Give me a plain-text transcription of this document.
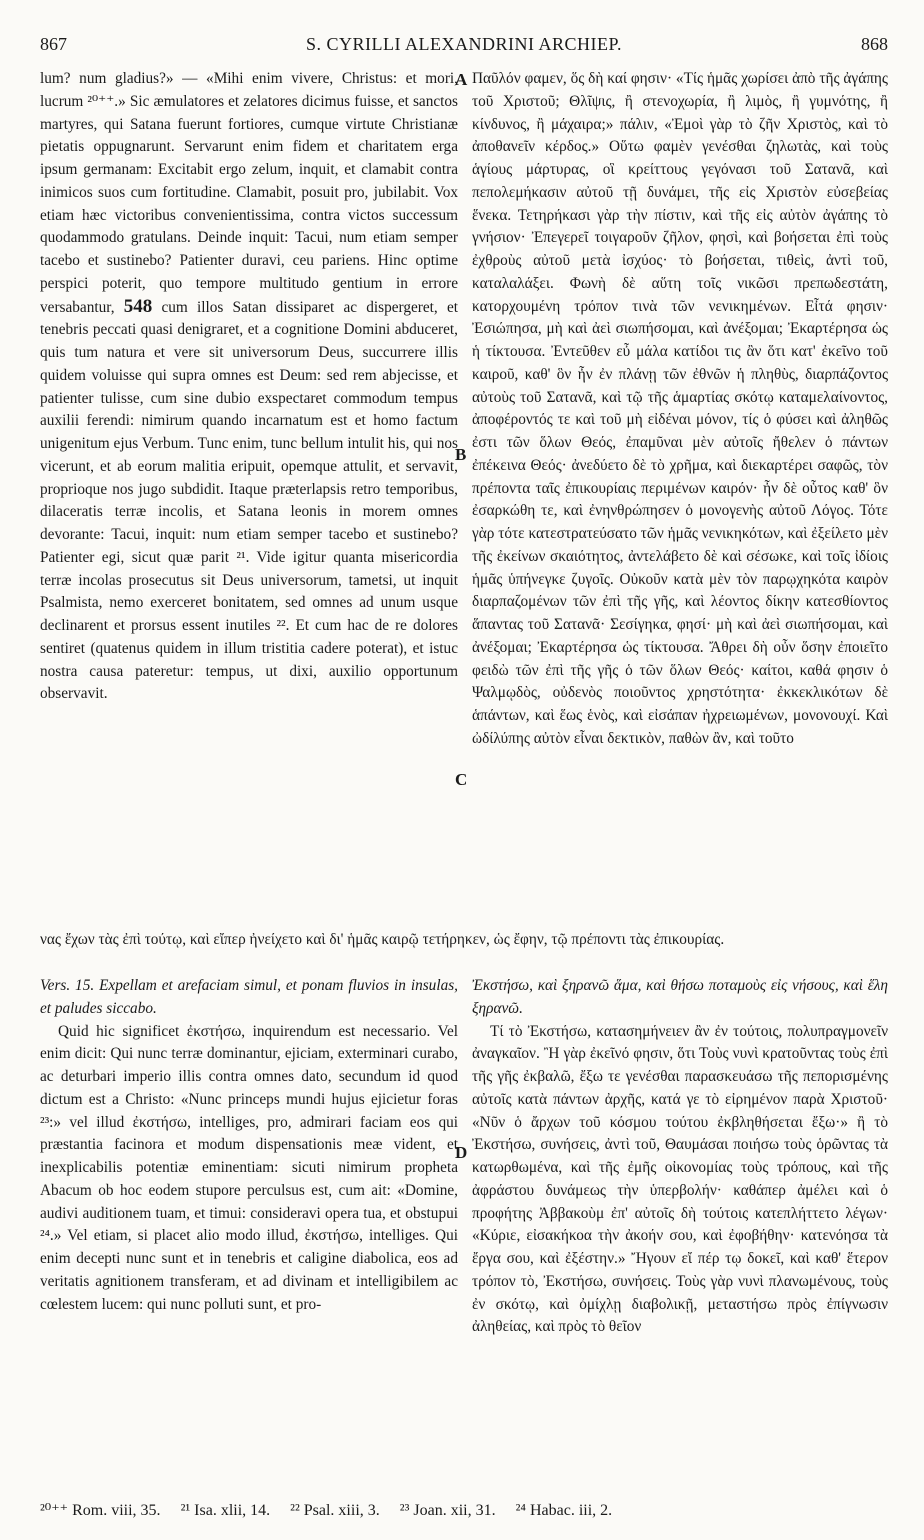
867	S. CYRILLI ALEXANDRINI ARCHIEP.	868

lum? num gladius?» — «Mihi enim vivere, Christus: et mori, lucrum ²⁰⁺⁺.» Sic æmulatores et zelatores dicimus fuisse, et sanctos martyres, qui Satana fuerunt fortiores, cumque virtute Christianæ pietatis oppugnarunt. Servarunt enim fidem et charitatem erga ipsum germanam: Excitabit ergo zelum, inquit, et clamabit contra inimicos suos cum fortitudine. Clamabit, posuit pro, jubilabit. Vox etiam hæc victoribus convenientissima, contra victos successum quodammodo gratulans. Deinde inquit: Tacui, num etiam semper tacebo et sustinebo? Patienter duravi, ceu pariens. Hinc optime perspici poterit, quo tempore multitudo gentium in errore versabantur, 548 cum illos Satan dissiparet ac dispergeret, et tenebris peccati quasi denigraret, et a cognitione Domini abduceret, quis tum natura et vere sit universorum Deus, succurrere illis quidem voluisse qui supra omnes est Deum: sed rem abjecisse, et patienter tulisse, cum sine dubio exspectaret commodum tempus auxilii ferendi: nimirum quando incarnatum est et homo factum unigenitum ejus Verbum. Tunc enim, tunc bellum intulit his, qui nos vicerunt, et ab eorum malitia eripuit, opemque attulit, et servavit, proprioque nos jugo subdidit. Itaque præterlapsis retro temporibus, dilaceratis terræ incolis, et Satana leonis in morem omnes devorante: Tacui, inquit: num etiam semper tacebo et sustinebo? Patienter egi, sicut quæ parit ²¹. Vide igitur quanta misericordia terræ incolas prosecutus sit Deus universorum, tametsi, ut inquit Psalmista, nemo exerceret bonitatem, sed omnes ad unum usque declinarent et prorsus essent inutiles ²². Et cum hac de re dolores sentiret (quatenus quidem in illum tristitia cadere poterat), et istuc nostra causa pateretur: tempus, ut dixi, auxilio opportunum observavit.

Παῦλόν φαμεν, ὅς δὴ καί φησιν· «Τίς ἡμᾶς χωρίσει ἀπὸ τῆς ἀγάπης τοῦ Χριστοῦ; Θλῖψις, ἢ στενοχωρία, ἢ λιμὸς, ἢ γυμνότης, ἢ κίνδυνος, ἢ μάχαιρα;» πάλιν, «Ἐμοὶ γὰρ τὸ ζῆν Χριστὸς, καὶ τὸ ἀποθανεῖν κέρδος.» Οὕτω φαμὲν γενέσθαι ζηλωτὰς, καὶ τοὺς ἁγίους μάρτυρας, οἳ κρείττους γεγόνασι τοῦ Σατανᾶ, καὶ πεπολεμήκασιν αὐτοῦ τῇ δυνάμει, τῆς εἰς Χριστὸν εὐσεβείας ἕνεκα. Τετηρήκασι γὰρ τὴν πίστιν, καὶ τῆς εἰς αὐτὸν ἀγάπης τὸ γνήσιον· Ἐπεγερεῖ τοιγαροῦν ζῆλον, φησὶ, καὶ βοήσεται ἐπὶ τοὺς ἐχθροὺς αὐτοῦ μετὰ ἰσχύος· τὸ βοήσεται, τιθεὶς, ἀντὶ τοῦ, καταλαλάξει. Φωνὴ δὲ αὕτη τοῖς νικῶσι πρεπωδεστάτη, κατορχουμένη τρόπον τινὰ τῶν νενικημένων. Εἶτά φησιν· Ἐσιώπησα, μὴ καὶ ἀεὶ σιωπήσομαι, καὶ ἀνέξομαι; Ἐκαρτέρησα ὡς ἡ τίκτουσα. Ἐντεῦθεν εὖ μάλα κατίδοι τις ἂν ὅτι κατ' ἐκεῖνο τοῦ καιροῦ, καθ' ὃν ἦν ἐν πλάνῃ τῶν ἐθνῶν ἡ πληθὺς, διαρπάζοντος αὐτοὺς τοῦ Σατανᾶ, καὶ τῷ τῆς ἁμαρτίας σκότῳ καταμελαίνοντος, ἀποφέροντός τε καὶ τοῦ μὴ εἰδέναι μόνον, τίς ὁ φύσει καὶ ἀληθῶς ἐστι τῶν ὅλων Θεός, ἐπαμῦναι μὲν αὐτοῖς ἤθελεν ὁ πάντων ἐπέκεινα Θεός· ἀνεδύετο δὲ τὸ χρῆμα, καὶ διεκαρτέρει σαφῶς, τὸν πρέποντα ταῖς ἐπικουρίαις περιμένων καιρόν· ἦν δὲ οὗτος καθ' ὃν ἐσαρκώθη τε, καὶ ἐνηνθρώπησεν ὁ μονογενὴς αὐτοῦ Λόγος. Τότε γὰρ τότε κατεστρατεύσατο τῶν ἡμᾶς νενικηκότων, καὶ ἐξείλετο μὲν τῆς ἐκείνων σκαιότητος, ἀντελάβετο δὲ καὶ σέσωκε, καὶ τοῖς ἰδίοις ἡμᾶς ὑπήνεγκε ζυγοῖς. Οὐκοῦν κατὰ μὲν τὸν παρῳχηκότα καιρὸν διαρπαζομένων τῶν ἐπὶ τῆς γῆς, καὶ λέοντος δίκην κατεσθίοντος ἅπαντας τοῦ Σατανᾶ· Σεσίγηκα, φησί· μὴ καὶ ἀεὶ σιωπήσομαι, καὶ ἀνέξομαι; Ἐκαρτέρησα ὡς τίκτουσα. Ἄθρει δὴ οὖν ὅσην ἐποιεῖτο φειδὼ τῶν ἐπὶ τῆς γῆς ὁ τῶν ὅλων Θεός· καίτοι, καθά φησιν ὁ Ψαλμῳδὸς, οὐδενὸς ποιοῦντος χρηστότητα· ἐκκεκλικότων δὲ ἁπάντων, καὶ ἕως ἑνὸς, καὶ εἰσάπαν ἠχρειωμένων, μονονουχί. Καὶ ὠδίλύπης αὐτὸν εἶναι δεκτικὸν, παθὼν ἂν, καὶ τοῦτο

A
B
C
D
νας ἔχων τὰς ἐπὶ τούτῳ, καὶ εἴπερ ἠνείχετο καὶ δι' ἡμᾶς καιρῷ τετήρηκεν, ὡς ἔφην, τῷ πρέποντι τὰς ἐπικουρίας.

Vers. 15. Expellam et arefaciam simul, et ponam fluvios in insulas, et paludes siccabo.

Quid hic significet ἐκστήσω, inquirendum est necessario. Vel enim dicit: Qui nunc terræ dominantur, ejiciam, exterminari curabo, ac deturbari imperio illis contra omnes dato, secundum id quod dictum est a Christo: «Nunc princeps mundi hujus ejicietur foras ²³:» vel illud ἐκστήσω, intelliges, pro, admirari faciam eos qui præstantia facinora et modum dispensationis meæ vident, et inexplicabilis potentiæ eminentiam: sicuti nimirum propheta Abacum ob hoc eodem stupore perculsus est, cum ait: «Domine, audivi auditionem tuam, et timui: consideravi opera tua, et obstupui ²⁴.» Vel etiam, si placet alio modo illud, ἐκστήσω, intelliges. Qui enim decepti nunc sunt et in tenebris et caligine diabolica, eos ad veritatis agnitionem transferam, et ad divinam et intelligibilem ac cœlestem lucem: qui nunc polluti sunt, et pro-

Ἐκστήσω, καὶ ξηρανῶ ἅμα, καὶ θήσω ποταμοὺς εἰς νήσους, καὶ ἕλη ξηρανῶ.

Τί τὸ Ἐκστήσω, κατασημήνειεν ἂν ἐν τούτοις, πολυπραγμονεῖν ἀναγκαῖον. Ἢ γὰρ ἐκεῖνό φησιν, ὅτι Τοὺς νυνὶ κρατοῦντας τοὺς ἐπὶ τῆς γῆς ἐκβαλῶ, ἔξω τε γενέσθαι παρασκευάσω τῆς πεπορισμένης αὐτοῖς κατὰ πάντων ἀρχῆς, κατά γε τὸ εἰρημένον παρὰ Χριστοῦ· «Νῦν ὁ ἄρχων τοῦ κόσμου τούτου ἐκβληθήσεται ἔξω·» ἢ τὸ Ἐκστήσω, συνήσεις, ἀντὶ τοῦ, Θαυμάσαι ποιήσω τοὺς ὁρῶντας τὰ κατωρθωμένα, καὶ τῆς ἐμῆς οἰκονομίας τοὺς τρόπους, καὶ τῆς ἀφράστου δυνάμεως τὴν ὑπερβολήν· καθάπερ ἀμέλει καὶ ὁ προφήτης Ἀββακοὺμ ἐπ' αὐτοῖς δὴ τούτοις κατεπλήττετο λέγων· «Κύριε, εἰσακήκοα τὴν ἀκοήν σου, καὶ ἐφοβήθην· κατενόησα τὰ ἔργα σου, καὶ ἐξέστην.» Ἤγουν εἴ πέρ τῳ δοκεῖ, καὶ καθ' ἕτερον τρόπον τὸ, Ἐκστήσω, συνήσεις. Τοὺς γὰρ νυνὶ πλανωμένους, τοὺς ἐν σκότῳ, καὶ ὀμίχλῃ διαβολικῇ, μεταστήσω πρὸς ἐπίγνωσιν ἀληθείας, καὶ πρὸς τὸ θεῖον

²⁰⁺⁺ Rom. viii, 35. ²¹ Isa. xlii, 14. ²² Psal. xiii, 3. ²³ Joan. xii, 31. ²⁴ Habac. iii, 2.
